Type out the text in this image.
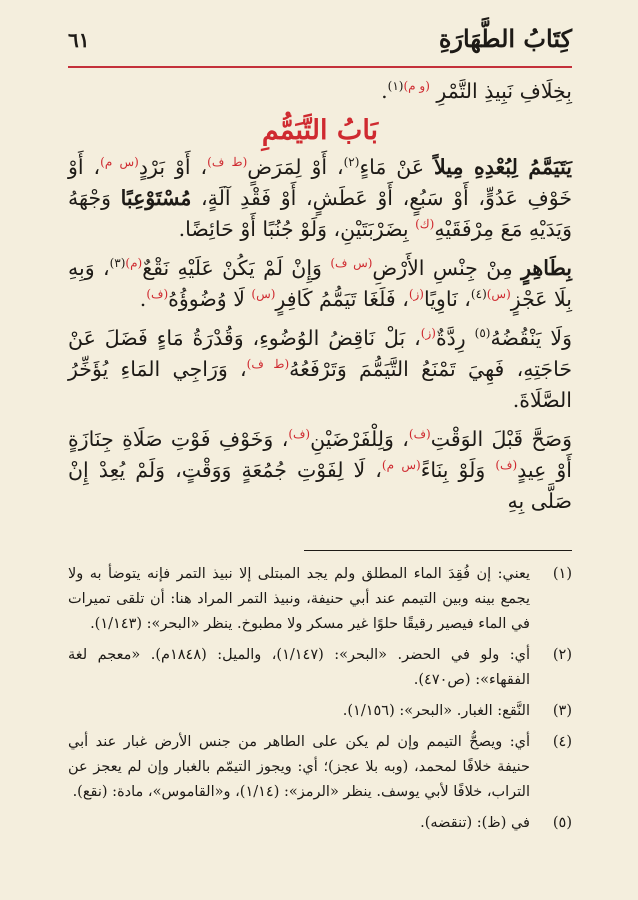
كِتَابُ الطَّهَارَةِ
٦١

بِخِلَافِ نَبِيذِ التَّمْرِ $^{(و م)(١)}$.

بَابُ التَّيَمُّمِ

يَتَيَمَّمُ لِبُعْدِهِ مِيلاً عَنْ مَاءٍ$^{(٢)}$، أَوْ لِمَرَضٍ$^{(ط ف)}$، أَوْ بَرْدٍ$^{(س م)}$، أَوْ خَوْفِ عَدُوٍّ، أَوْ سَبُعٍ، أَوْ عَطَشٍ، أَوْ فَقْدِ آلَةٍ، مُسْتَوْعِبًا وَجْهَهُ وَيَدَيْهِ مَعَ مِرْفَقَيْهِ$^{(ك)}$ بِضَرْبَتَيْنِ، وَلَوْ جُنُبًا أَوْ حَائِضًا.

بِطَاهِرٍ مِنْ جِنْسِ الأَرْضِ$^{(س ف)}$ وَإِنْ لَمْ يَكُنْ عَلَيْهِ نَقْعٌ$^{(م)(٣)}$، وَبِهِ بِلَا عَجْزٍ$^{(س)(٤)}$، نَاوِيًا$^{(ز)}$، فَلَغَا تَيَمُّمُ كَافِرٍ$^{(س)}$ لَا وُضُوؤُهُ$^{(ف)}$.

وَلَا يَنْقُضُهُ$^{(٥)}$ رِدَّةٌ$^{(ز)}$، بَلْ نَاقِضُ الوُضُوءِ، وَقُدْرَةُ مَاءٍ فَضَلَ عَنْ حَاجَتِهِ، فَهِيَ تَمْنَعُ التَّيَمُّمَ وَتَرْفَعُهُ$^{(ط ف)}$، وَرَاجِي المَاءِ يُؤَخِّرُ الصَّلَاةَ.

وَصَحَّ قَبْلَ الوَقْتِ$^{(ف)}$، وَلِلْفَرْضَيْنِ$^{(ف)}$، وَخَوْفِ فَوْتِ صَلَاةِ جِنَازَةٍ أَوْ عِيدٍ$^{(ف)}$ وَلَوْ بِنَاءً$^{(س م)}$، لَا لِفَوْتِ جُمُعَةٍ وَوَقْتٍ، وَلَمْ يُعِدْ إِنْ صَلَّى بِهِ

(١)
يعني: إن فُقِدَ الماء المطلق ولم يجد المبتلى إلا نبيذ التمر فإنه يتوضأ به ولا يجمع بينه وبين التيمم عند أبي حنيفة، ونبيذ التمر المراد هنا: أن تلقى تميرات في الماء فيصير رقيقًا حلوًا غير مسكر ولا مطبوخ. ينظر «البحر»: (١/١٤٣).
(٢)
أي: ولو في الحضر. «البحر»: (١/١٤٧)، والميل: (١٨٤٨م). «معجم لغة الفقهاء»: (ص٤٧٠).
(٣)
النَّقع: الغبار. «البحر»: (١/١٥٦).
(٤)
أي: ويصحُّ التيمم وإن لم يكن على الطاهر من جنس الأرض غبار عند أبي حنيفة خلافًا لمحمد، (وبه بلا عجز)؛ أي: ويجوز التيمّم بالغبار وإن لم يعجز عن التراب، خلافًا لأبي يوسف. ينظر «الرمز»: (١/١٤)، و«القاموس»، مادة: (نقع).
(٥)
في (ظ): (تنقضه).
